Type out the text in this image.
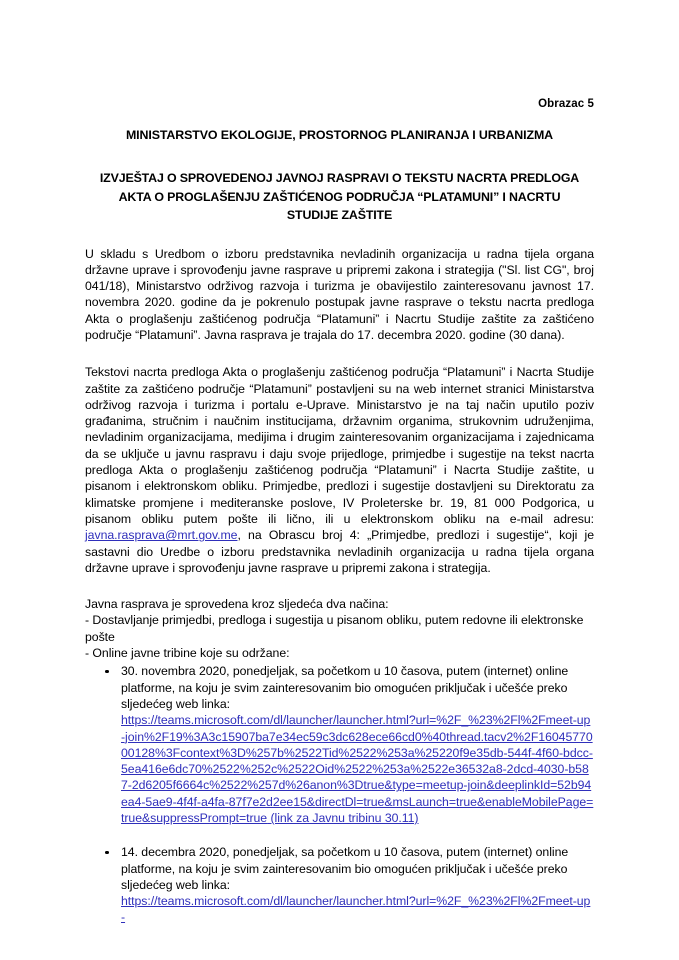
Obrazac 5
MINISTARSTVO EKOLOGIJE, PROSTORNOG PLANIRANJA I URBANIZMA
IZVJEŠTAJ O SPROVEDENOJ JAVNOJ RASPRAVI O TEKSTU NACRTA PREDLOGA
AKTA O PROGLAŠENJU ZAŠTIĆENOG PODRUČJA “PLATAMUNI” I NACRTU
STUDIJE ZAŠTITE
U skladu s Uredbom o izboru predstavnika nevladinih organizacija u radna tijela organa državne uprave i sprovođenju javne rasprave u pripremi zakona i strategija ("Sl. list CG", broj 041/18), Ministarstvo održivog razvoja i turizma je obavijestilo zainteresovanu javnost 17. novembra 2020. godine da je pokrenulo postupak javne rasprave o tekstu nacrta predloga Akta o proglašenju zaštićenog područja “Platamuni” i Nacrtu Studije zaštite za zaštićeno područje “Platamuni”. Javna rasprava je trajala do 17. decembra 2020. godine (30 dana).
Tekstovi nacrta predloga Akta o proglašenju zaštićenog područja “Platamuni” i Nacrta Studije zaštite za zaštićeno područje “Platamuni” postavljeni su na web internet stranici Ministarstva održivog razvoja i turizma i portalu e-Uprave. Ministarstvo je na taj način uputilo poziv građanima, stručnim i naučnim institucijama, državnim organima, strukovnim udruženjima, nevladinim organizacijama, medijima i drugim zainteresovanim organizacijama i zajednicama da se uključe u javnu raspravu i daju svoje prijedloge, primjedbe i sugestije na tekst nacrta predloga Akta o proglašenju zaštićenog područja “Platamuni” i Nacrta Studije zaštite, u pisanom i elektronskom obliku. Primjedbe, predlozi i sugestije dostavljeni su Direktoratu za klimatske promjene i mediteranske poslove, IV Proleterske br. 19, 81 000 Podgorica, u pisanom obliku putem pošte ili lično, ili u elektronskom obliku na e-mail adresu: javna.rasprava@mrt.gov.me, na Obrascu broj 4: „Primjedbe, predlozi i sugestije“, koji je sastavni dio Uredbe o izboru predstavnika nevladinih organizacija u radna tijela organa državne uprave i sprovođenju javne rasprave u pripremi zakona i strategija.
Javna rasprava je sprovedena kroz sljedeća dva načina:
- Dostavljanje primjedbi, predloga i sugestija u pisanom obliku, putem redovne ili elektronske pošte
- Online javne tribine koje su održane:
30. novembra 2020, ponedjeljak, sa početkom u 10 časova, putem (internet) online platforme, na koju je svim zainteresovanim bio omogućen priključak i učešće preko sljedećeg web linka:
https://teams.microsoft.com/dl/launcher/launcher.html?url=%2F_%23%2Fl%2Fmeet-up-join%2F19%3A3c15907ba7e34ec59c3dc628ece66cd0%40thread.tacv2%2F1604577000128%3Fcontext%3D%257b%2522Tid%2522%253a%25220f9e35db-544f-4f60-bdcc-5ea416e6dc70%2522%252c%2522Oid%2522%253a%2522e36532a8-2dcd-4030-b587-2d6205f6664c%2522%257d%26anon%3Dtrue&type=meetup-join&deeplinkId=52b94ea4-5ae9-4f4f-a4fa-87f7e2d2ee15&directDl=true&msLaunch=true&enableMobilePage=true&suppressPrompt=true (link za Javnu tribinu 30.11)
14. decembra 2020, ponedjeljak, sa početkom u 10 časova, putem (internet) online platforme, na koju je svim zainteresovanim bio omogućen priključak i učešće preko sljedećeg web linka:
https://teams.microsoft.com/dl/launcher/launcher.html?url=%2F_%23%2Fl%2Fmeet-up-
